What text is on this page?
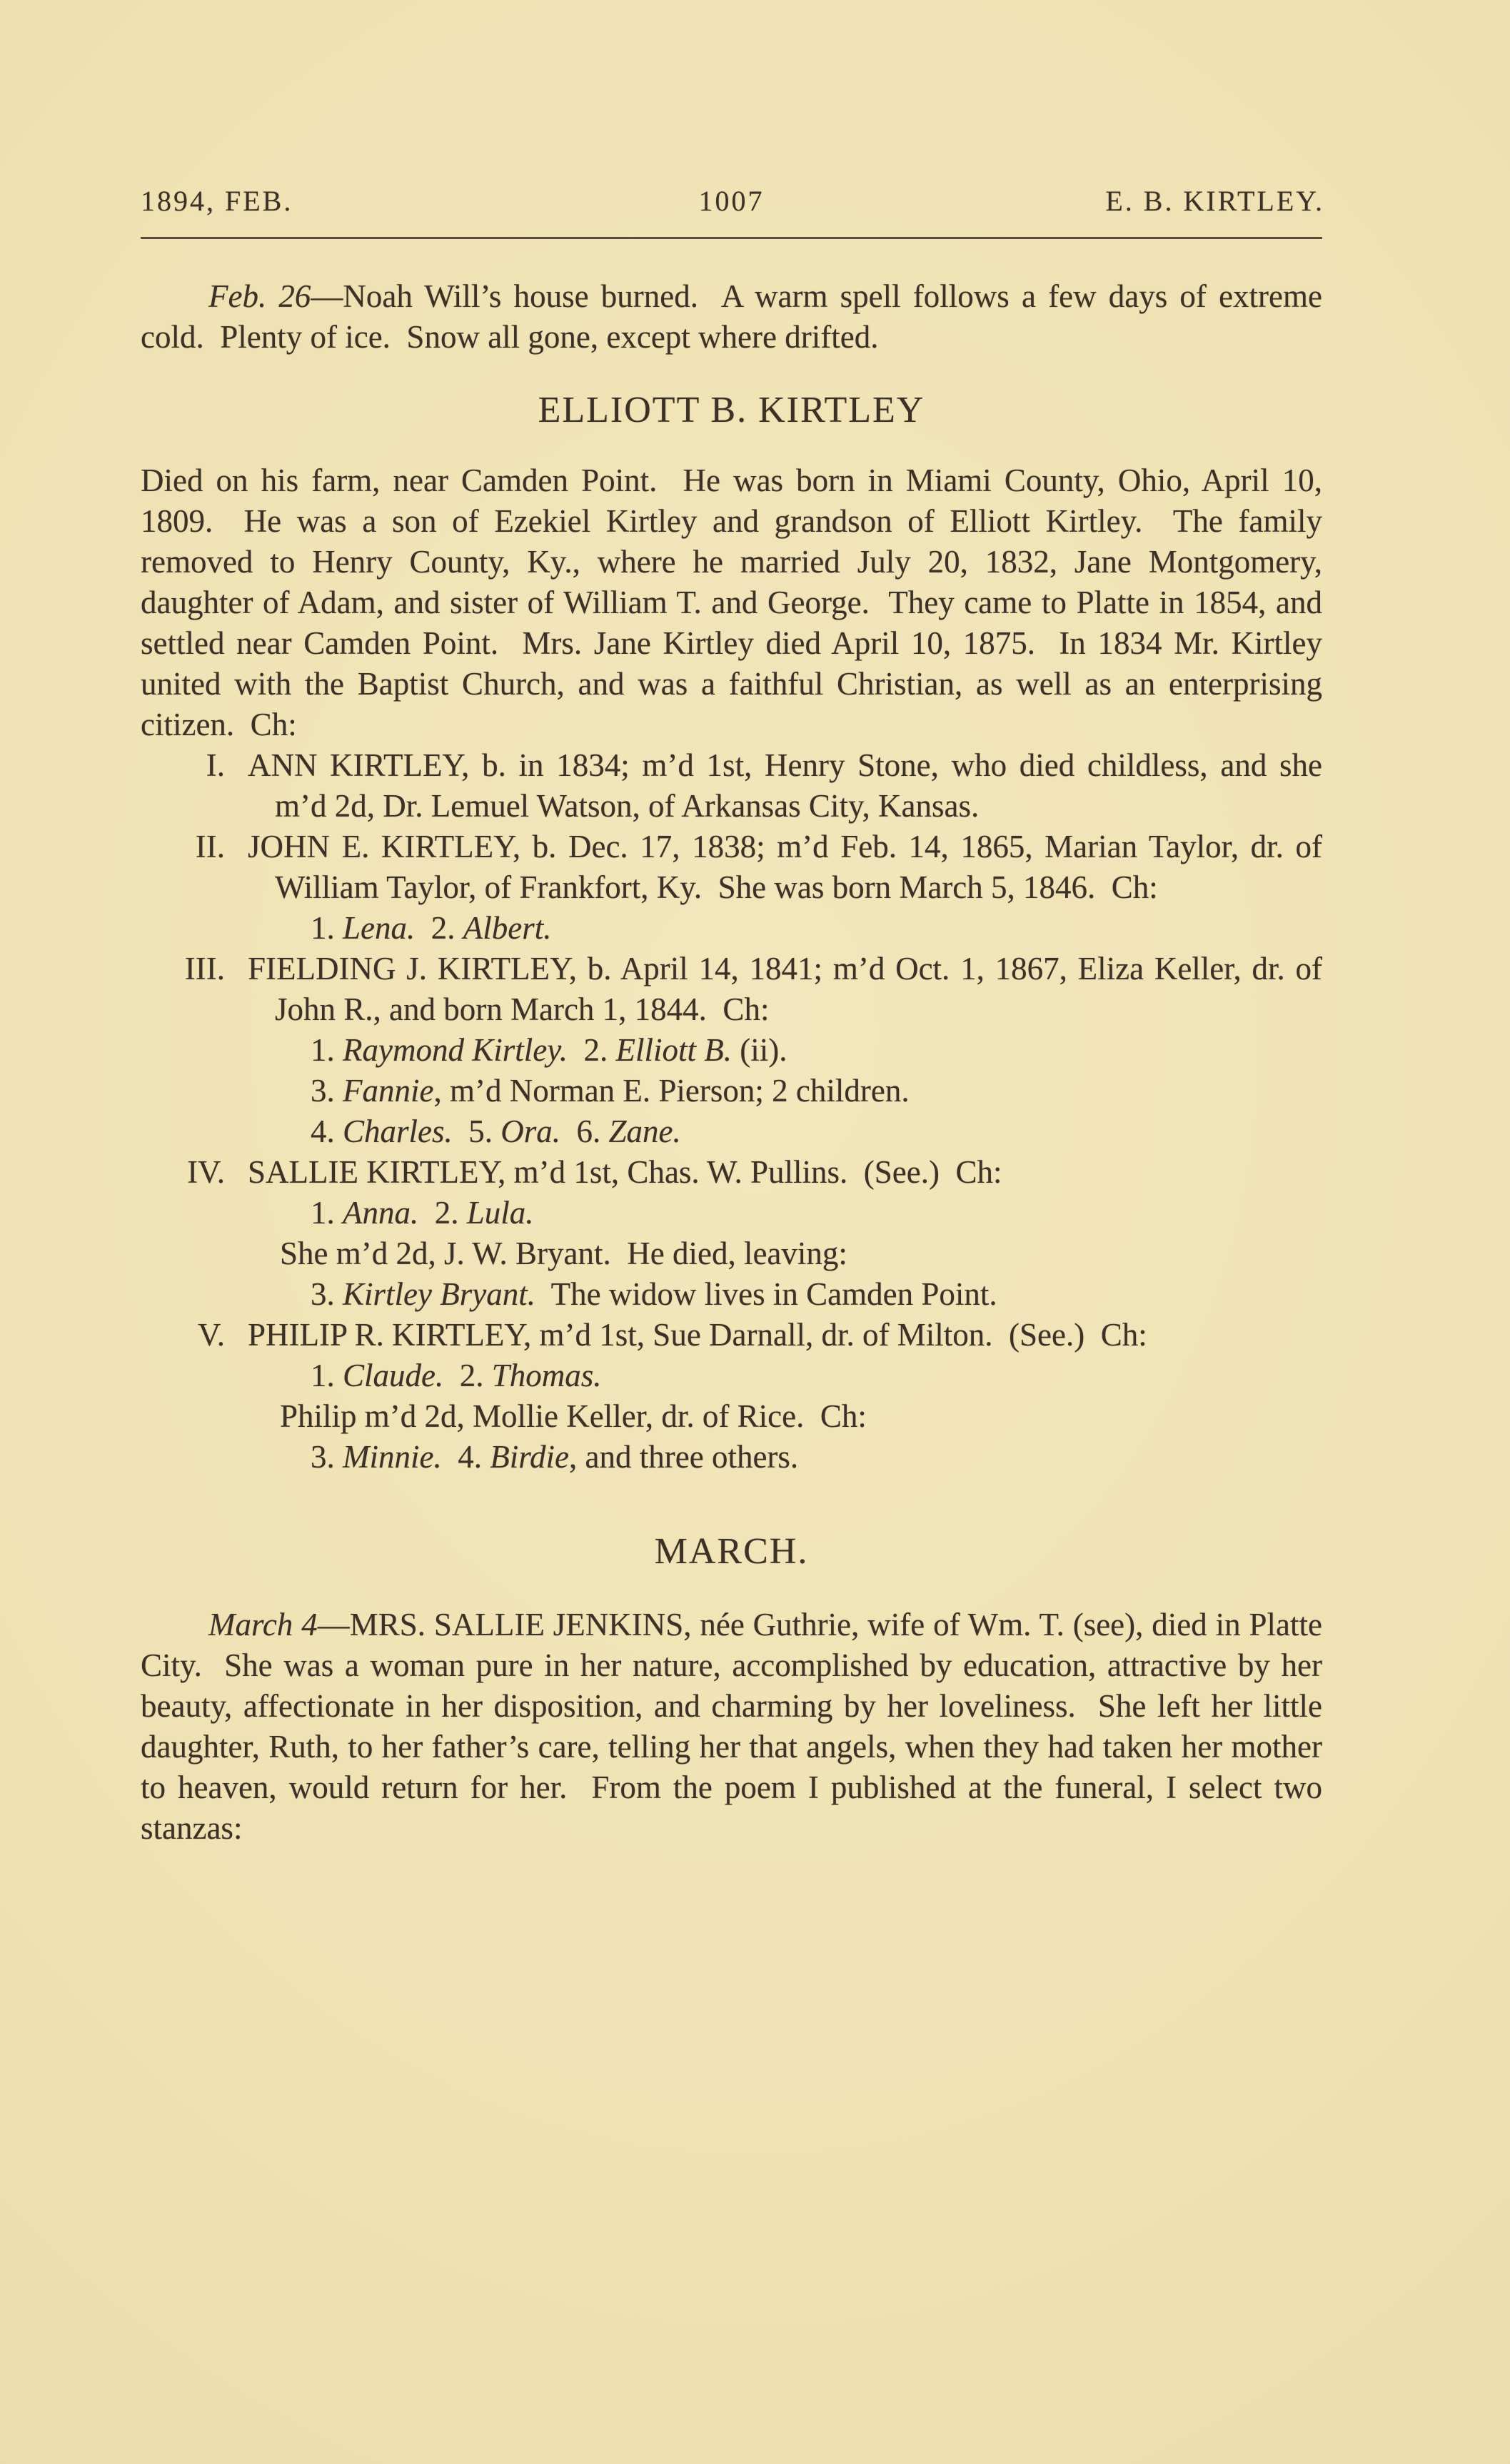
1894, FEB.	1007	E. B. KIRTLEY.

Feb. 26—Noah Will’s house burned.  A warm spell follows a few days of extreme cold.  Plenty of ice.  Snow all gone, except where drifted.

ELLIOTT B. KIRTLEY

Died on his farm, near Camden Point.  He was born in Miami County, Ohio, April 10, 1809.  He was a son of Ezekiel Kirtley and grandson of Elliott Kirtley.  The family removed to Henry County, Ky., where he married July 20, 1832, Jane Montgomery, daughter of Adam, and sister of William T. and George.  They came to Platte in 1854, and settled near Camden Point.  Mrs. Jane Kirtley died April 10, 1875.  In 1834 Mr. Kirtley united with the Baptist Church, and was a faithful Christian, as well as an enterprising citizen.  Ch:

I. ANN KIRTLEY, b. in 1834; m’d 1st, Henry Stone, who died childless, and she m’d 2d, Dr. Lemuel Watson, of Arkansas City, Kansas.
II. JOHN E. KIRTLEY, b. Dec. 17, 1838; m’d Feb. 14, 1865, Marian Taylor, dr. of William Taylor, of Frankfort, Ky.  She was born March 5, 1846.  Ch:
1. Lena.  2. Albert.
III. FIELDING J. KIRTLEY, b. April 14, 1841; m’d Oct. 1, 1867, Eliza Keller, dr. of John R., and born March 1, 1844.  Ch:
1. Raymond Kirtley.  2. Elliott B. (ii).
3. Fannie, m’d Norman E. Pierson; 2 children.
4. Charles.  5. Ora.  6. Zane.
IV. SALLIE KIRTLEY, m’d 1st, Chas. W. Pullins.  (See.)  Ch:
1. Anna.  2. Lula.
She m’d 2d, J. W. Bryant.  He died, leaving:
3. Kirtley Bryant.  The widow lives in Camden Point.
V. PHILIP R. KIRTLEY, m’d 1st, Sue Darnall, dr. of Milton.  (See.)  Ch:
1. Claude.  2. Thomas.
Philip m’d 2d, Mollie Keller, dr. of Rice.  Ch:
3. Minnie.  4. Birdie, and three others.
MARCH.

March 4—MRS. SALLIE JENKINS, née Guthrie, wife of Wm. T. (see), died in Platte City.  She was a woman pure in her nature, accomplished by education, attractive by her beauty, affectionate in her disposition, and charming by her loveliness.  She left her little daughter, Ruth, to her father’s care, telling her that angels, when they had taken her mother to heaven, would return for her.  From the poem I published at the funeral, I select two stanzas:
